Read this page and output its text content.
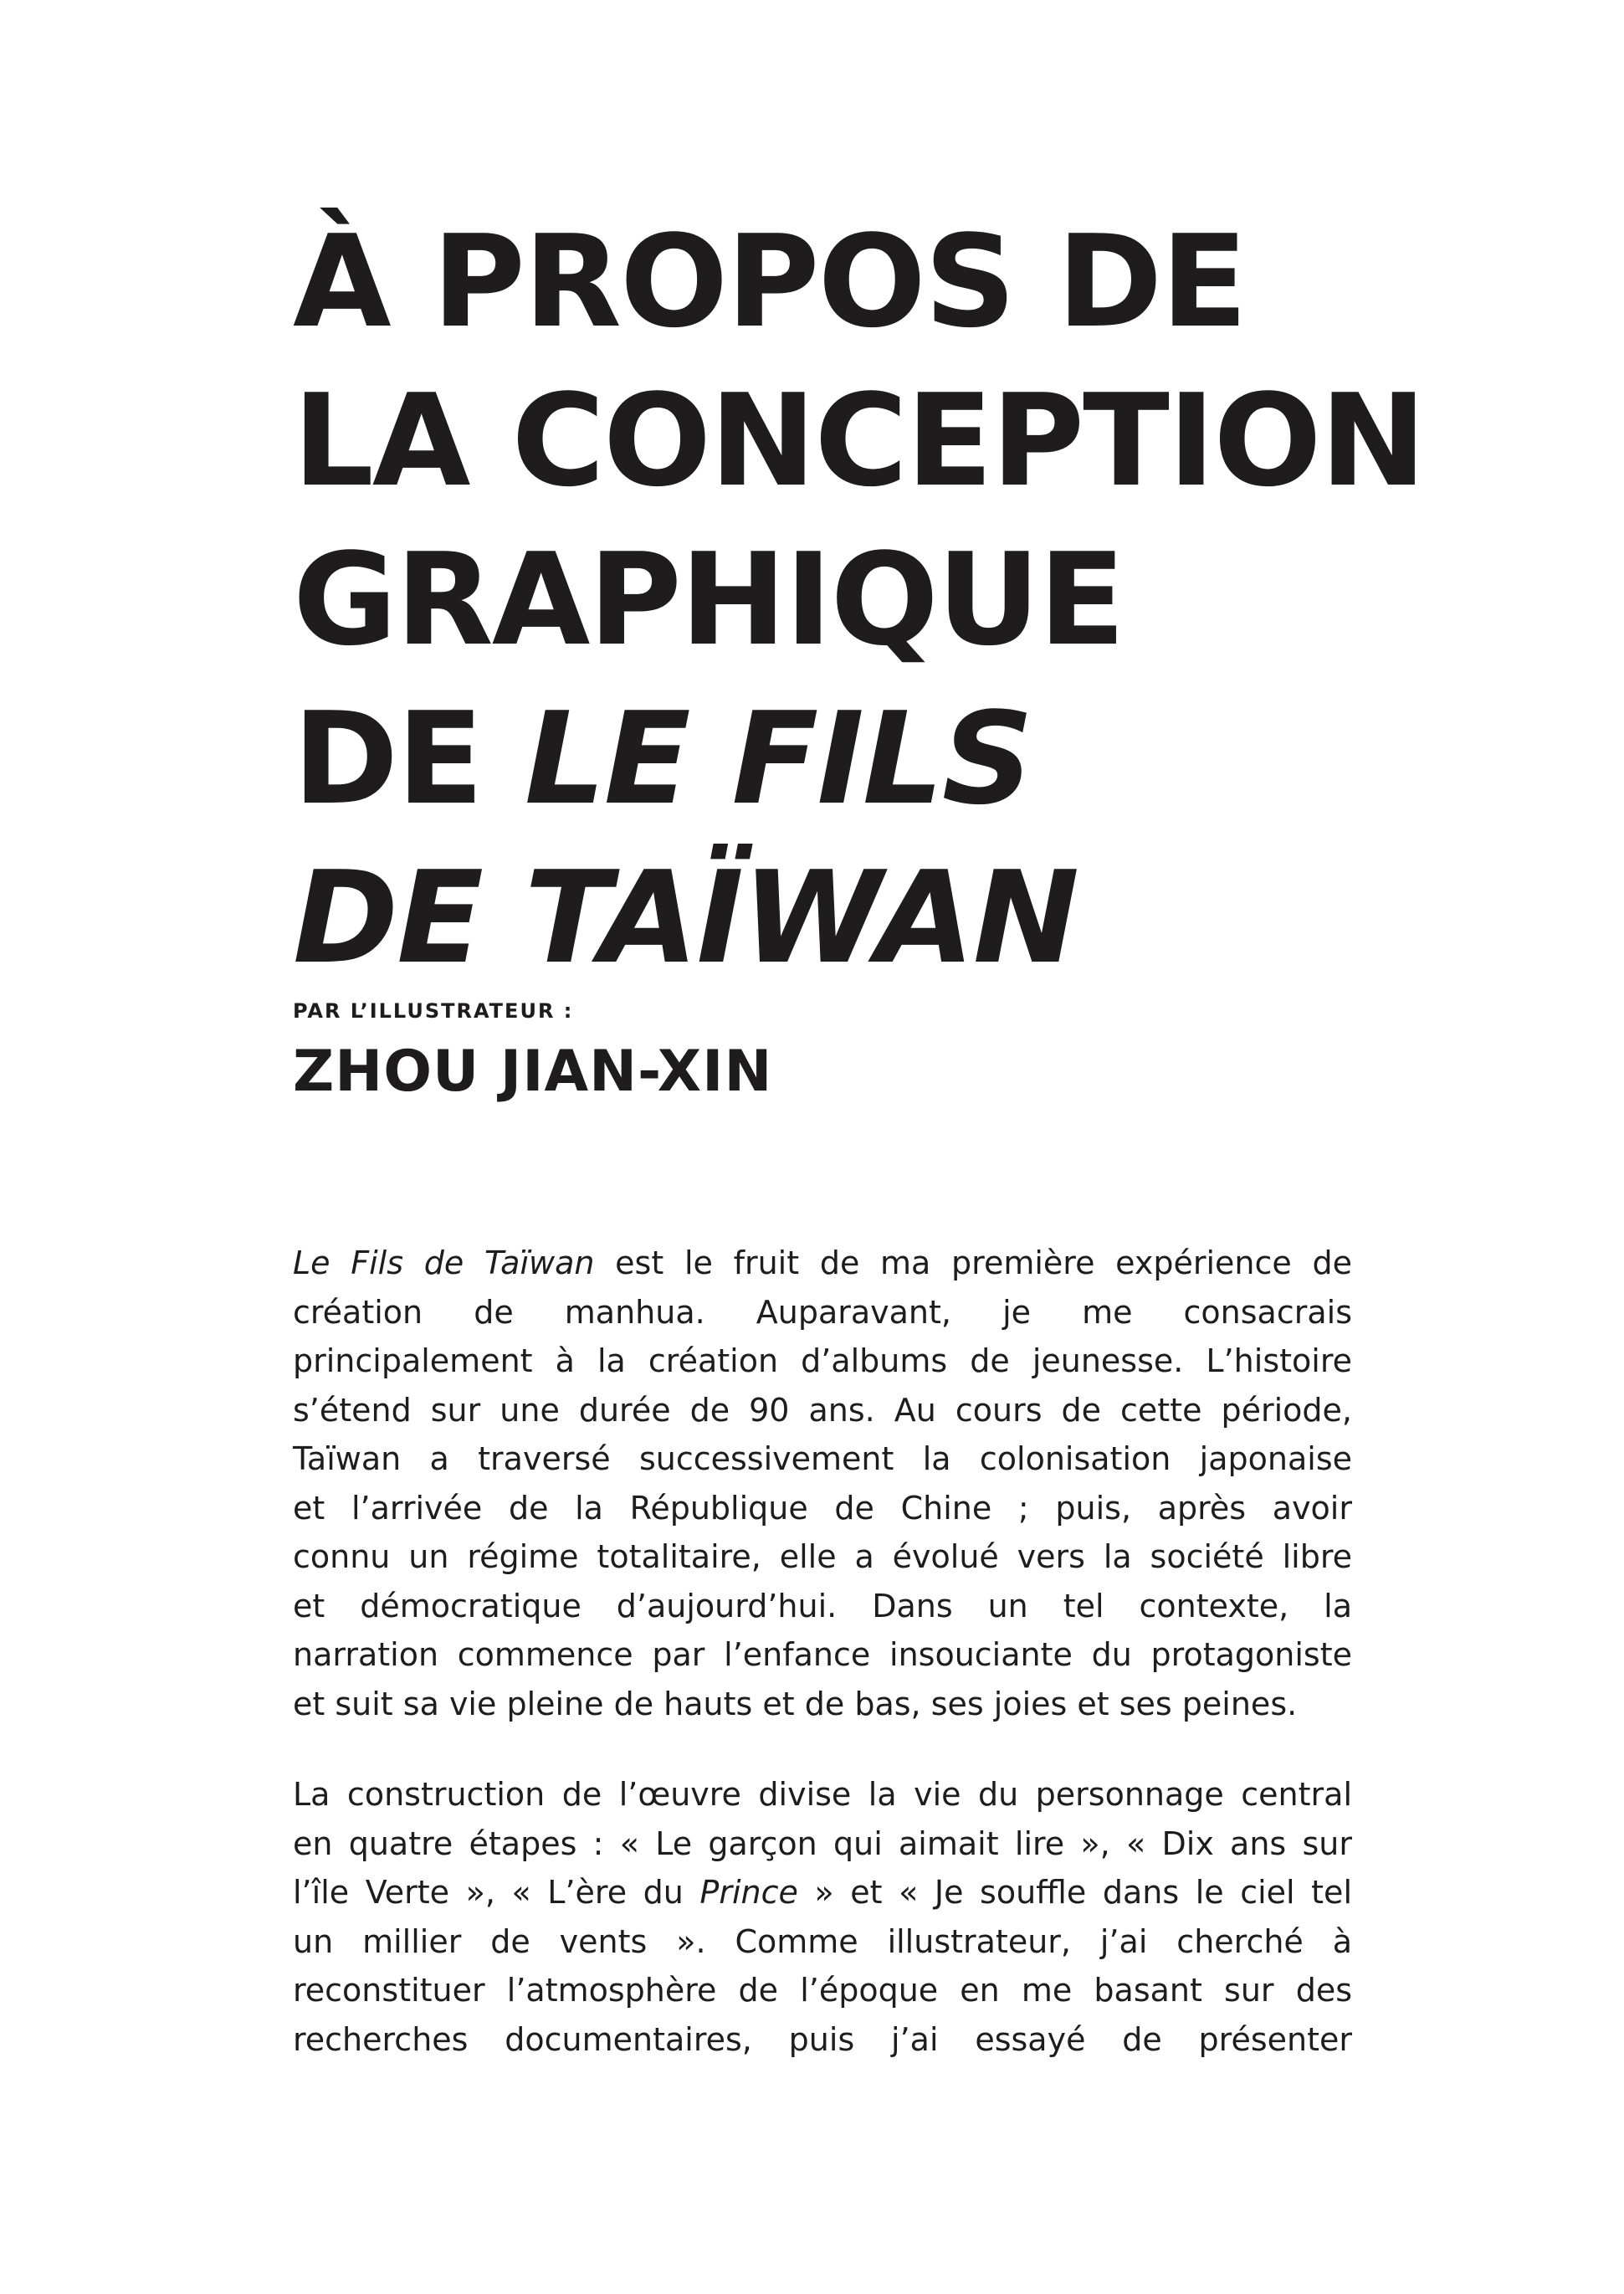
À PROPOS DE
LA CONCEPTION
GRAPHIQUE
DE LE FILS
DE TAÏWAN
PAR L’ILLUSTRATEUR :
ZHOU JIAN-XIN

Le Fils de Taïwan est le fruit de ma première expérience de
création de manhua. Auparavant, je me consacrais
principalement à la création d’albums de jeunesse. L’histoire
s’étend sur une durée de 90 ans. Au cours de cette période,
Taïwan a traversé successivement la colonisation japonaise
et l’arrivée de la République de Chine ; puis, après avoir
connu un régime totalitaire, elle a évolué vers la société libre
et démocratique d’aujourd’hui. Dans un tel contexte, la
narration commence par l’enfance insouciante du protagoniste
et suit sa vie pleine de hauts et de bas, ses joies et ses peines.

La construction de l’œuvre divise la vie du personnage central
en quatre étapes : « Le garçon qui aimait lire », « Dix ans sur
l’île Verte », « L’ère du Prince » et « Je souffle dans le ciel tel
un millier de vents ». Comme illustrateur, j’ai cherché à
reconstituer l’atmosphère de l’époque en me basant sur des
recherches documentaires, puis j’ai essayé de présenter
